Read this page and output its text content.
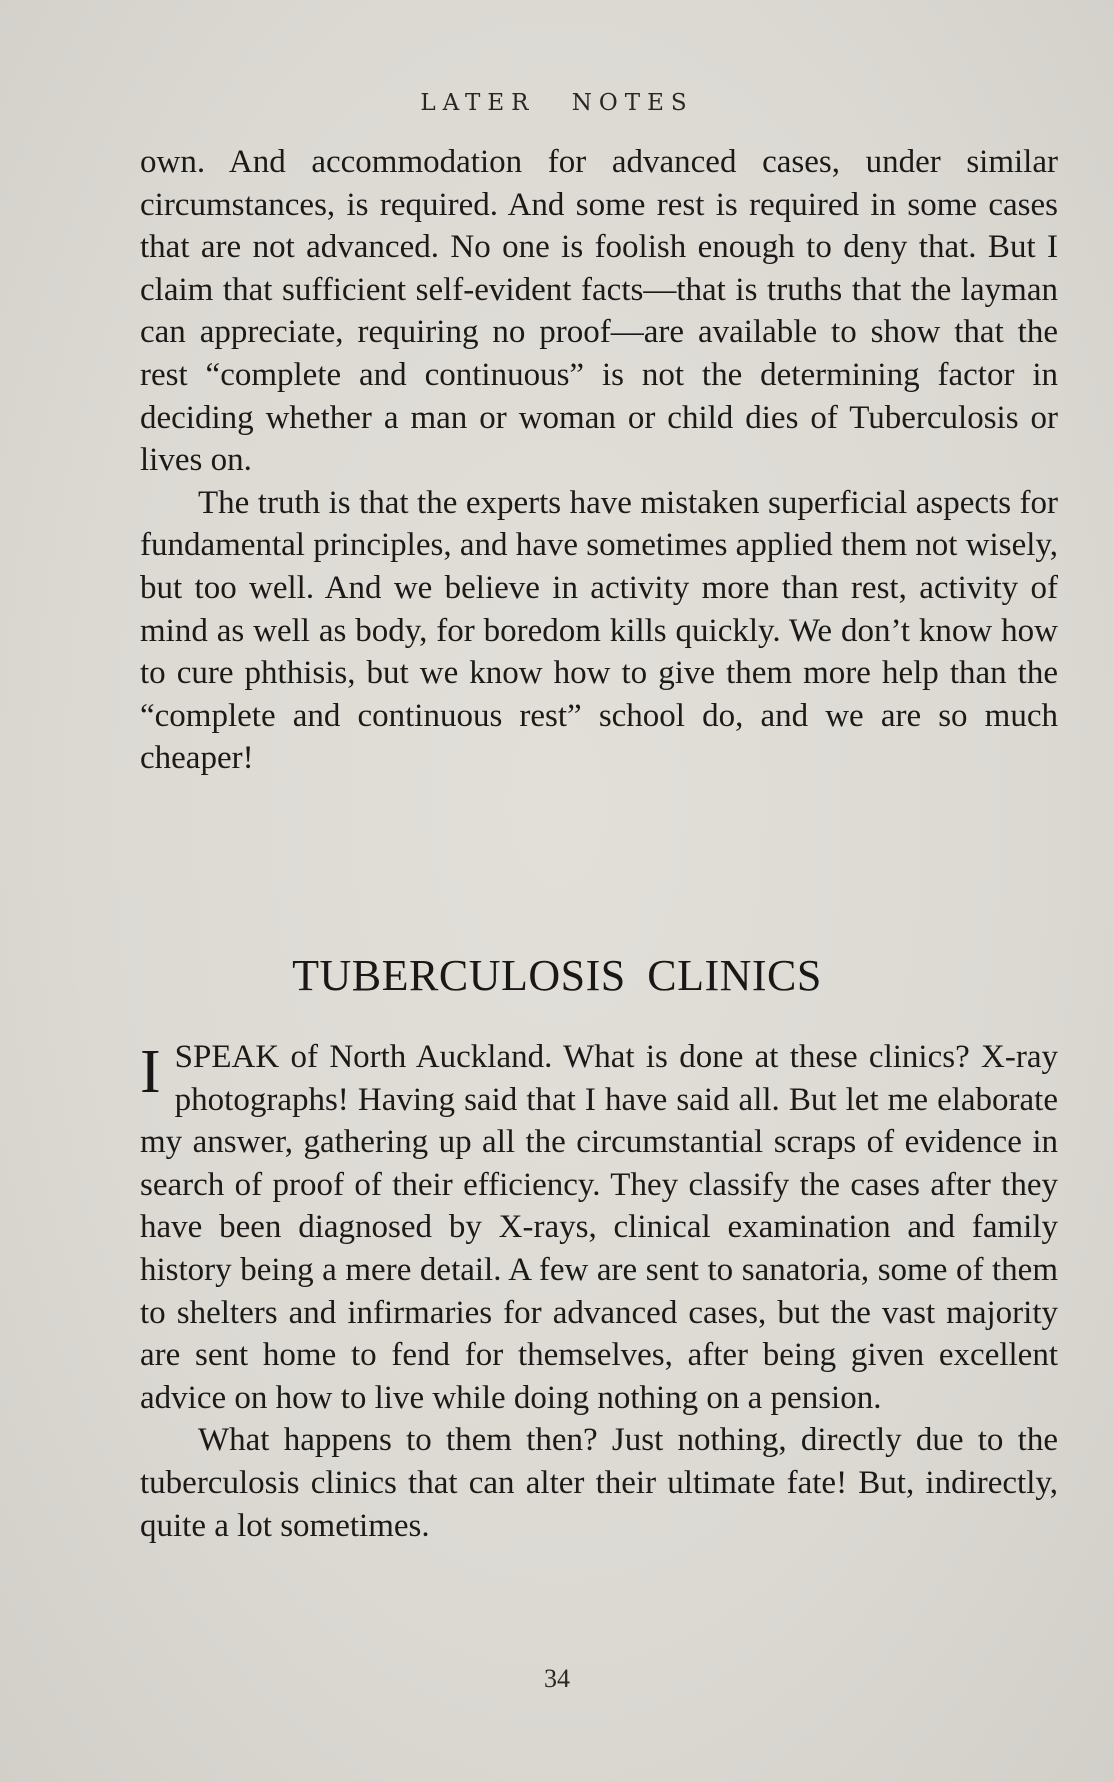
LATER NOTES

own. And accommodation for advanced cases, under similar circumstances, is required. And some rest is required in some cases that are not advanced. No one is foolish enough to deny that. But I claim that sufficient self-evident facts—that is truths that the layman can appreciate, requiring no proof—are available to show that the rest “complete and continuous” is not the determining factor in deciding whether a man or woman or child dies of Tuberculosis or lives on.

The truth is that the experts have mistaken superficial aspects for fundamental principles, and have sometimes applied them not wisely, but too well. And we believe in activity more than rest, activity of mind as well as body, for boredom kills quickly. We don’t know how to cure phthisis, but we know how to give them more help than the “complete and continuous rest” school do, and we are so much cheaper!

TUBERCULOSIS CLINICS

ISPEAK of North Auckland. What is done at these clinics? X-ray photographs! Having said that I have said all. But let me elaborate my answer, gathering up all the circumstantial scraps of evidence in search of proof of their efficiency. They classify the cases after they have been diagnosed by X-rays, clinical examination and family history being a mere detail. A few are sent to sanatoria, some of them to shelters and infirmaries for advanced cases, but the vast majority are sent home to fend for themselves, after being given excellent advice on how to live while doing nothing on a pension.

What happens to them then? Just nothing, directly due to the tuberculosis clinics that can alter their ultimate fate! But, indirectly, quite a lot sometimes.

34
